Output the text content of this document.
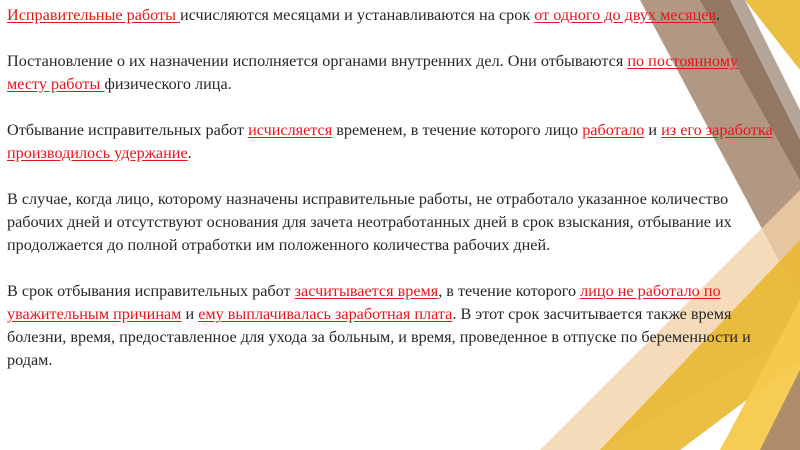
Исправительные работы исчисляются месяцами и устанавливаются на срок от одного до двух месяцев.

Постановление о их назначении исполняется органами внутренних дел. Они отбываются по постоянному месту работы физического лица.

Отбывание исправительных работ исчисляется временем, в течение которого лицо работало и из его заработка производилось удержание.

В случае, когда лицо, которому назначены исправительные работы, не отработало указанное количество рабочих дней и отсутствуют основания для зачета неотработанных дней в срок взыскания, отбывание их продолжается до полной отработки им положенного количества рабочих дней.

В срок отбывания исправительных работ засчитывается время, в течение которого лицо не работало по уважительным причинам и ему выплачивалась заработная плата. В этот срок засчитывается также время болезни, время, предоставленное для ухода за больным, и время, проведенное в отпуске по беременности и родам.
